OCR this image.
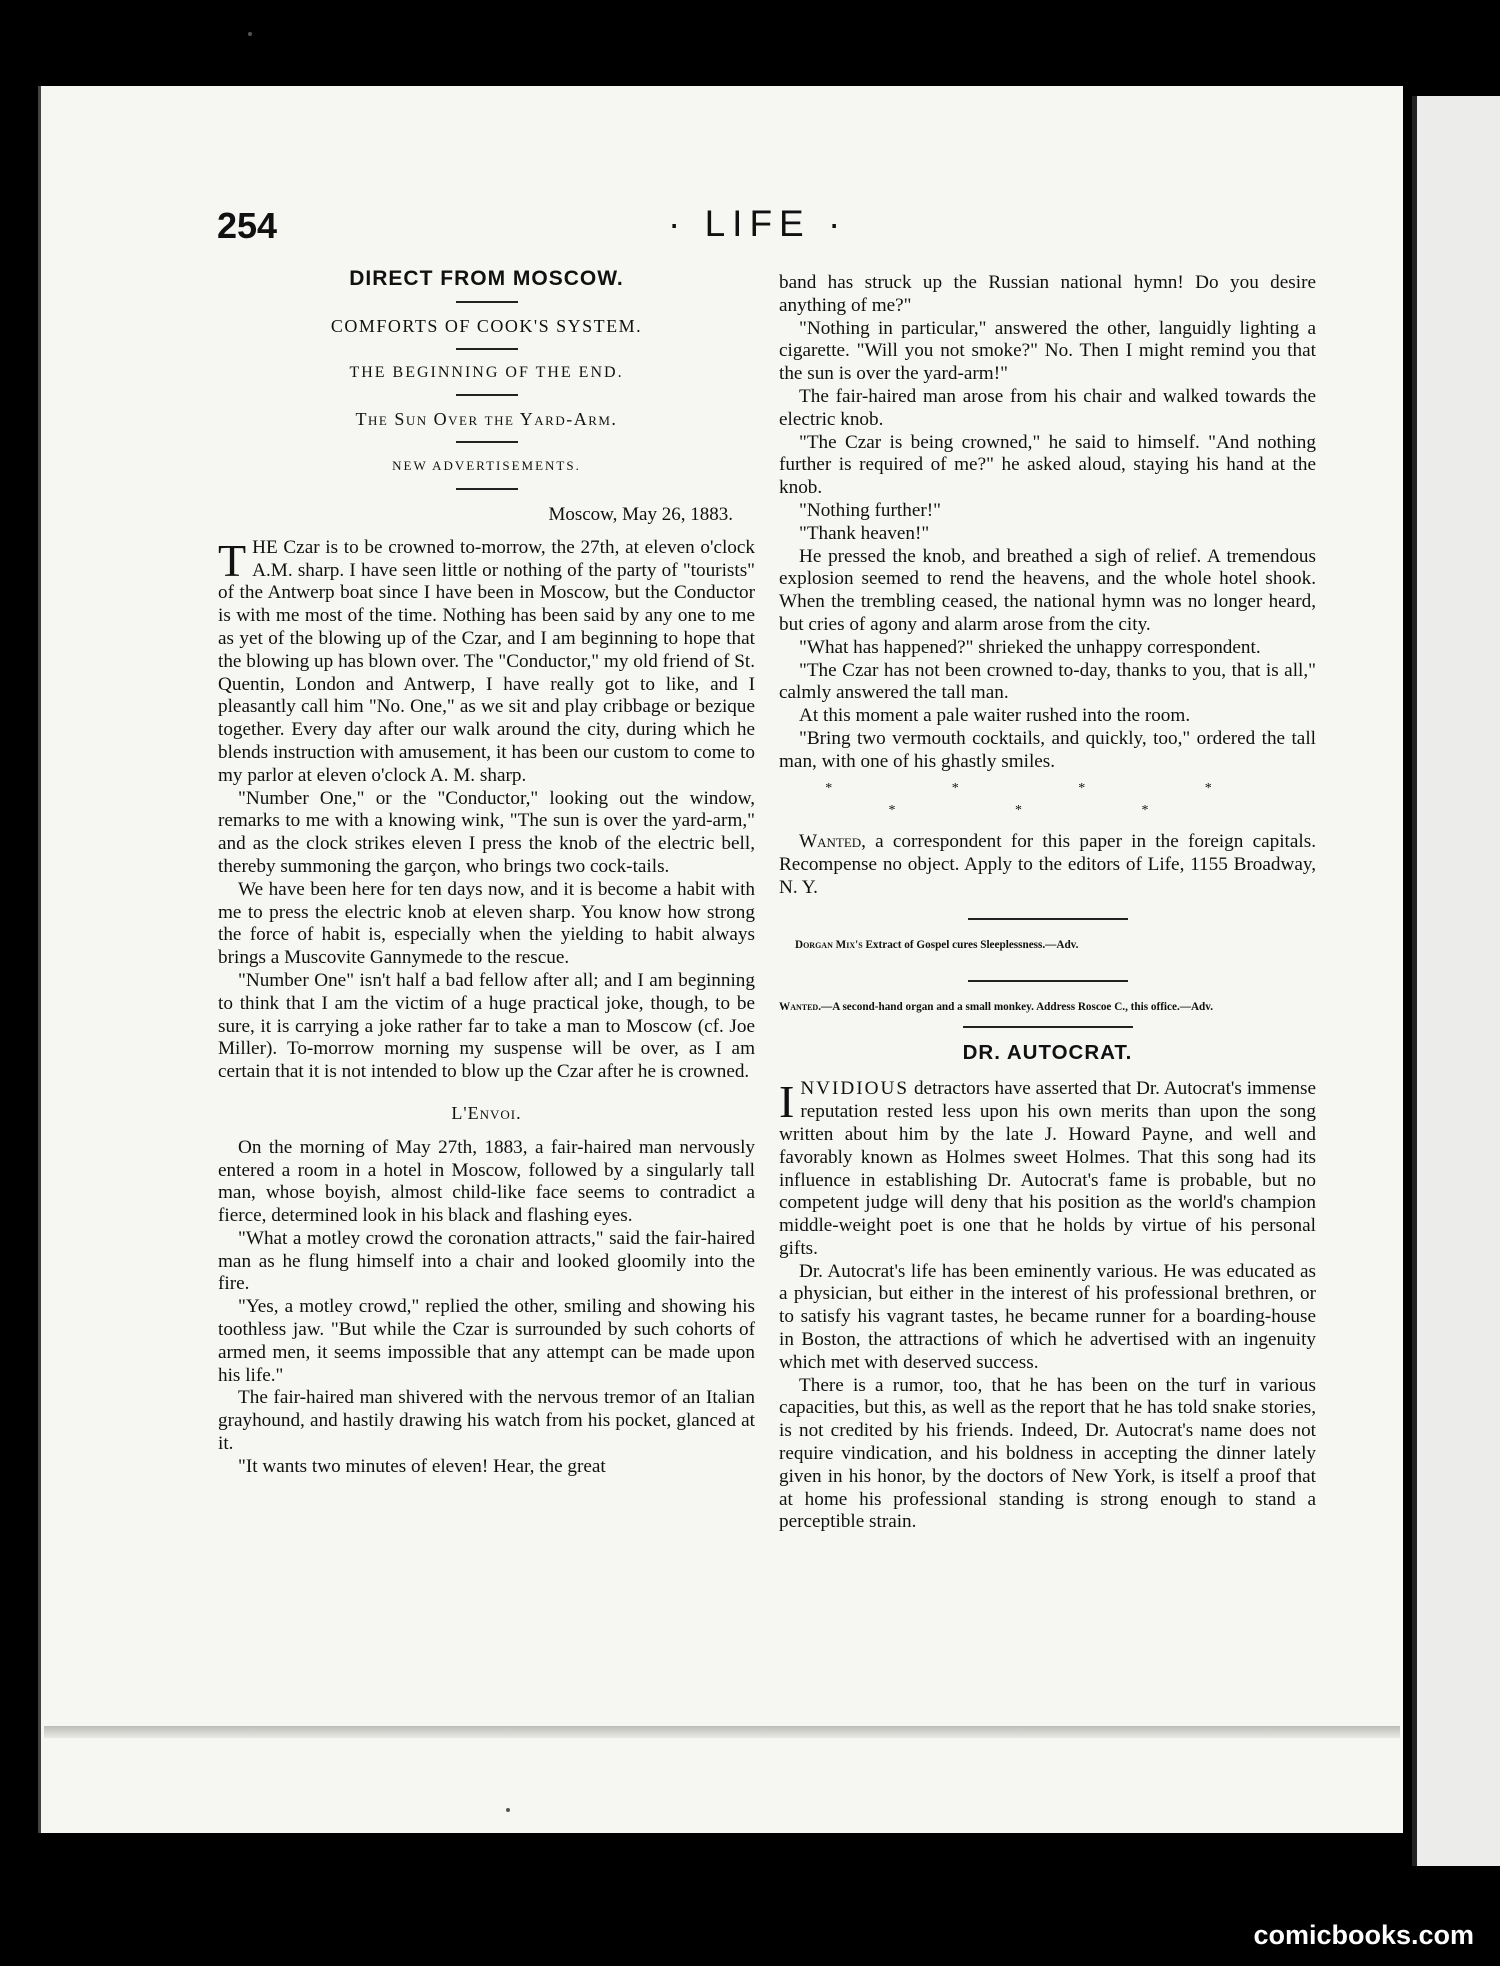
254	· LIFE ·
DIRECT FROM MOSCOW.

COMFORTS OF COOK'S SYSTEM.

THE BEGINNING OF THE END.

The Sun Over the Yard-Arm.

NEW ADVERTISEMENTS.

Moscow, May 26, 1883.

THE Czar is to be crowned to-morrow, the 27th, at eleven o'clock A.M. sharp. I have seen little or nothing of the party of "tourists" of the Antwerp boat since I have been in Moscow, but the Conductor is with me most of the time. Nothing has been said by any one to me as yet of the blowing up of the Czar, and I am beginning to hope that the blowing up has blown over. The "Conductor," my old friend of St. Quentin, London and Antwerp, I have really got to like, and I pleasantly call him "No. One," as we sit and play cribbage or bezique together. Every day after our walk around the city, during which he blends instruction with amusement, it has been our custom to come to my parlor at eleven o'clock A. M. sharp.

"Number One," or the "Conductor," looking out the window, remarks to me with a knowing wink, "The sun is over the yard-arm," and as the clock strikes eleven I press the knob of the electric bell, thereby summoning the garçon, who brings two cock-tails.

We have been here for ten days now, and it is become a habit with me to press the electric knob at eleven sharp. You know how strong the force of habit is, especially when the yielding to habit always brings a Muscovite Gannymede to the rescue.

"Number One" isn't half a bad fellow after all; and I am beginning to think that I am the victim of a huge practical joke, though, to be sure, it is carrying a joke rather far to take a man to Moscow (cf. Joe Miller). To-morrow morning my suspense will be over, as I am certain that it is not intended to blow up the Czar after he is crowned.

L'Envoi.

On the morning of May 27th, 1883, a fair-haired man nervously entered a room in a hotel in Moscow, followed by a singularly tall man, whose boyish, almost child-like face seems to contradict a fierce, determined look in his black and flashing eyes.

"What a motley crowd the coronation attracts," said the fair-haired man as he flung himself into a chair and looked gloomily into the fire.

"Yes, a motley crowd," replied the other, smiling and showing his toothless jaw. "But while the Czar is surrounded by such cohorts of armed men, it seems impossible that any attempt can be made upon his life."

The fair-haired man shivered with the nervous tremor of an Italian grayhound, and hastily drawing his watch from his pocket, glanced at it.

"It wants two minutes of eleven! Hear, the great

band has struck up the Russian national hymn! Do you desire anything of me?"

"Nothing in particular," answered the other, languidly lighting a cigarette. "Will you not smoke?" No. Then I might remind you that the sun is over the yard-arm!"

The fair-haired man arose from his chair and walked towards the electric knob.

"The Czar is being crowned," he said to himself. "And nothing further is required of me?" he asked aloud, staying his hand at the knob.

"Nothing further!"

"Thank heaven!"

He pressed the knob, and breathed a sigh of relief. A tremendous explosion seemed to rend the heavens, and the whole hotel shook. When the trembling ceased, the national hymn was no longer heard, but cries of agony and alarm arose from the city.

"What has happened?" shrieked the unhappy correspondent.

"The Czar has not been crowned to-day, thanks to you, that is all," calmly answered the tall man.

At this moment a pale waiter rushed into the room.

"Bring two vermouth cocktails, and quickly, too," ordered the tall man, with one of his ghastly smiles.

* * * * * * *

Wanted, a correspondent for this paper in the foreign capitals. Recompense no object. Apply to the editors of Life, 1155 Broadway, N. Y.

Dorgan Mix's Extract of Gospel cures Sleeplessness.—Adv.

Wanted.—A second-hand organ and a small monkey. Address Roscoe C., this office.—Adv.

DR. AUTOCRAT.

INVIDIOUS detractors have asserted that Dr. Autocrat's immense reputation rested less upon his own merits than upon the song written about him by the late J. Howard Payne, and well and favorably known as Holmes sweet Holmes. That this song had its influence in establishing Dr. Autocrat's fame is probable, but no competent judge will deny that his position as the world's champion middle-weight poet is one that he holds by virtue of his personal gifts.

Dr. Autocrat's life has been eminently various. He was educated as a physician, but either in the interest of his professional brethren, or to satisfy his vagrant tastes, he became runner for a boarding-house in Boston, the attractions of which he advertised with an ingenuity which met with deserved success.

There is a rumor, too, that he has been on the turf in various capacities, but this, as well as the report that he has told snake stories, is not credited by his friends. Indeed, Dr. Autocrat's name does not require vindication, and his boldness in accepting the dinner lately given in his honor, by the doctors of New York, is itself a proof that at home his professional standing is strong enough to stand a perceptible strain.

comicbooks.com
